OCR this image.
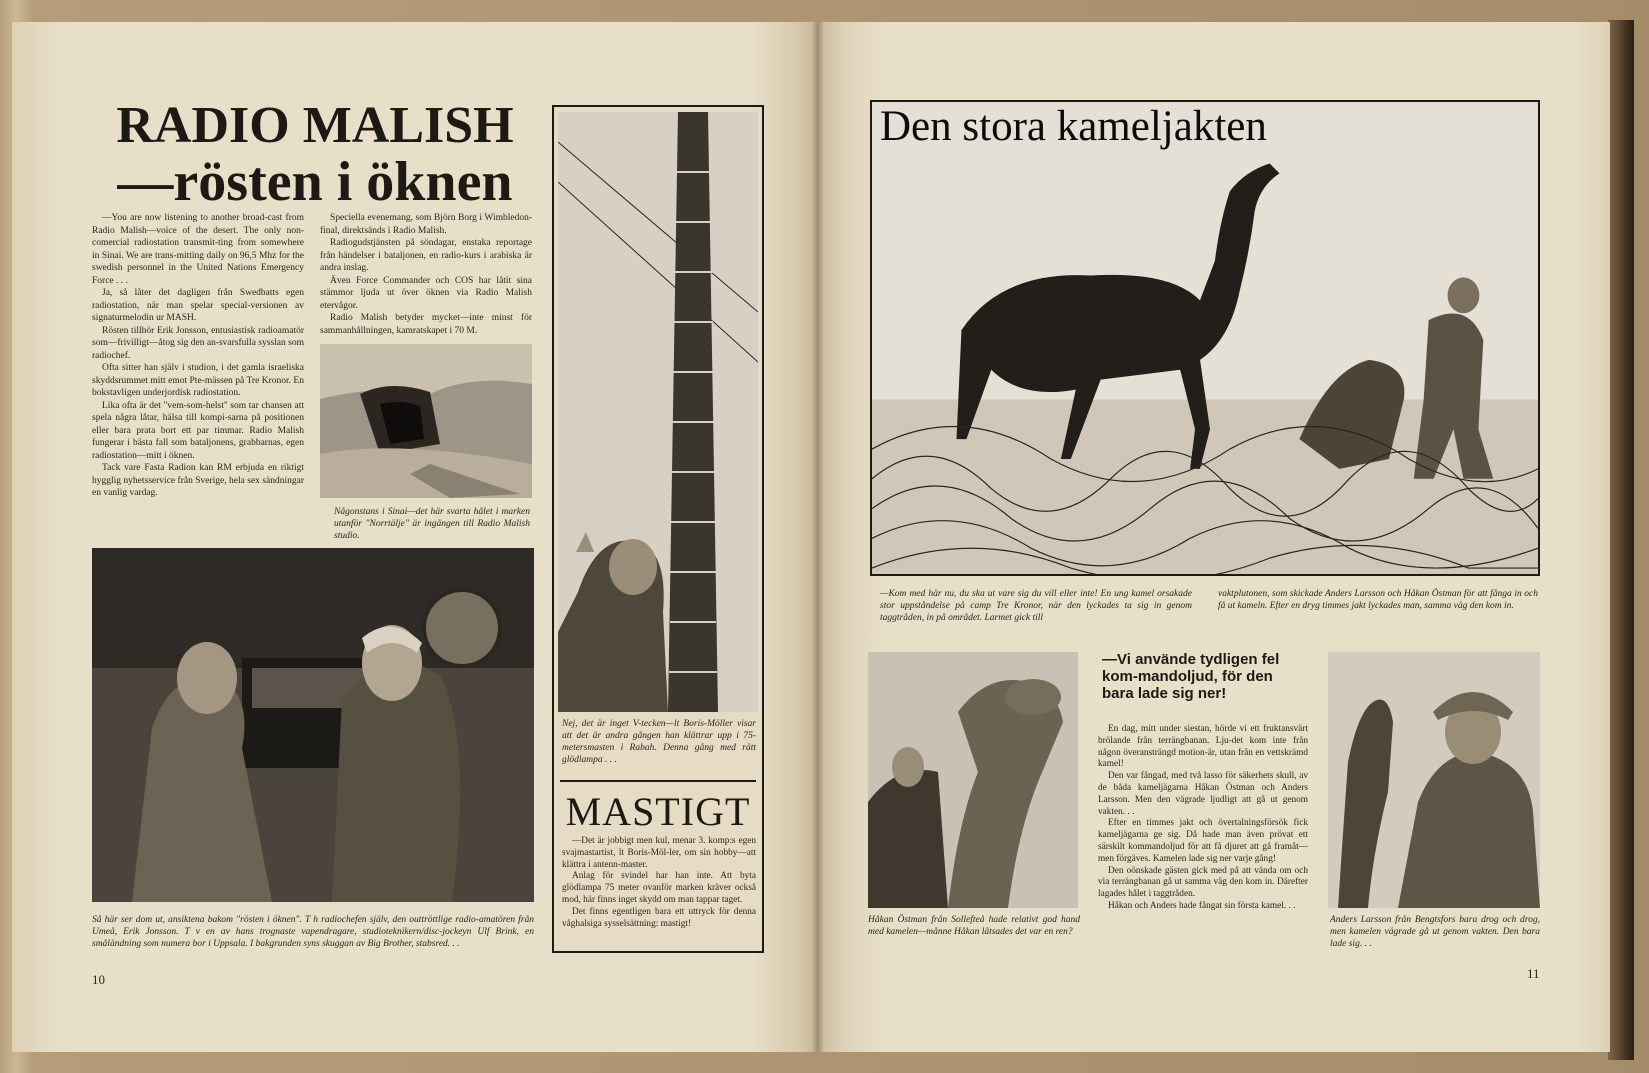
RADIO MALISH
—rösten i öknen

—You are now listening to another broad-cast from Radio Malish—voice of the desert. The only non-comercial radiostation transmit-ting from somewhere in Sinai. We are trans-mitting daily on 96,5 Mhz for the swedish personnel in the United Nations Emergency Force . . .

Ja, så låter det dagligen från Swedbatts egen radiostation, när man spelar special-versionen av signaturmelodin ur MASH.

Rösten tillhör Erik Jonsson, entusiastisk radioamatör som—frivilligt—åtog sig den an-svarsfulla sysslan som radiochef.

Ofta sitter han själv i studion, i det gamla israeliska skyddsrummet mitt emot Pte-mässen på Tre Kronor. En bokstavligen underjordisk radiostation.

Lika ofta är det "vem-som-helst" som tar chansen att spela några låtar, hälsa till kompi-sarna på positionen eller bara prata bort ett par timmar. Radio Malish fungerar i bästa fall som bataljonens, grabbarnas, egen radiostation—mitt i öknen.

Tack vare Fasta Radion kan RM erbjuda en riktigt hygglig nyhetsservice från Sverige, hela sex sändningar en vanlig vardag.

Speciella evenemang, som Björn Borg i Wimbledon-final, direktsänds i Radio Malish.

Radiogudstjänsten på söndagar, enstaka reportage från händelser i bataljonen, en radio-kurs i arabiska är andra inslag.

Även Force Commander och COS har låtit sina stämmor ljuda ut över öknen via Radio Malish etervågor.

Radio Malish betyder mycket—inte minst för sammanhållningen, kamratskapet i 70 M.

Någonstans i Sinai—det här svarta hålet i marken utanför "Norrtälje" är ingången till Radio Malish studio.

Så här ser dom ut, ansiktena bakom "rösten i öknen". T h radiochefen själv, den outtröttlige radio-amatören från Umeå, Erik Jonsson. T v en av hans trognaste vapendragare, studioteknikern/disc-jockeyn Ulf Brink, en småländning som numera bor i Uppsala. I bakgrunden syns skuggan av Big Brother, stabsred. . .

Nej, det är inget V-tecken—lt Boris-Möller visar att det är andra gången han klättrar upp i 75-metersmasten i Rabah. Denna gång med rätt glödlampa . . .

MASTIGT

—Det är jobbigt men kul, menar 3. komp:s egen svajmastartist, lt Boris-Möl-ler, om sin hobby—att klättra i antenn-master.

Anlag för svindel har han inte. Att byta glödlampa 75 meter ovanför marken kräver också mod, här finns inget skydd om man tappar taget.

Det finns egentligen bara ett uttryck för denna våghalsiga sysselsättning: mastigt!

10
Den stora kameljakten

—Kom med här nu, du ska ut vare sig du vill eller inte! En ung kamel orsakade stor uppståndelse på camp Tre Kronor, när den lyckades ta sig in genom taggtråden, in på området. Larmet gick till

vaktplutonen, som skickade Anders Larsson och Håkan Östman för att fånga in och få ut kameln. Efter en dryg timmes jakt lyckades man, samma väg den kom in.

Håkan Östman från Sollefteå hade relativt god hand med kamelen—månne Håkan låtsades det var en ren?

—Vi använde tydligen fel kom-mandoljud, för den bara lade sig ner!

En dag, mitt under siestan, hörde vi ett fruktansvärt brölande från terrängbanan. Lju-det kom inte från någon överansträngd motion-är, utan från en vettskrämd kamel!

Den var fångad, med två lasso för säkerhets skull, av de båda kameljägarna Håkan Östman och Anders Larsson. Men den vägrade ljudligt att gå ut genom vakten. . .

Efter en timmes jakt och övertalningsförsök fick kameljägarna ge sig. Då hade man även prövat ett särskilt kommandoljud för att få djuret att gå framåt—men förgäves. Kamelen lade sig ner varje gång!

Den oönskade gästen gick med på att vända om och via terrängbanan gå ut samma väg den kom in. Därefter lagades hålet i taggtråden.

Håkan och Anders hade fångat sin första kamel. . .

Anders Larsson från Bengtsfors bara drog och drog, men kamelen vägrade gå ut genom vakten. Den bara lade sig. . .

11
